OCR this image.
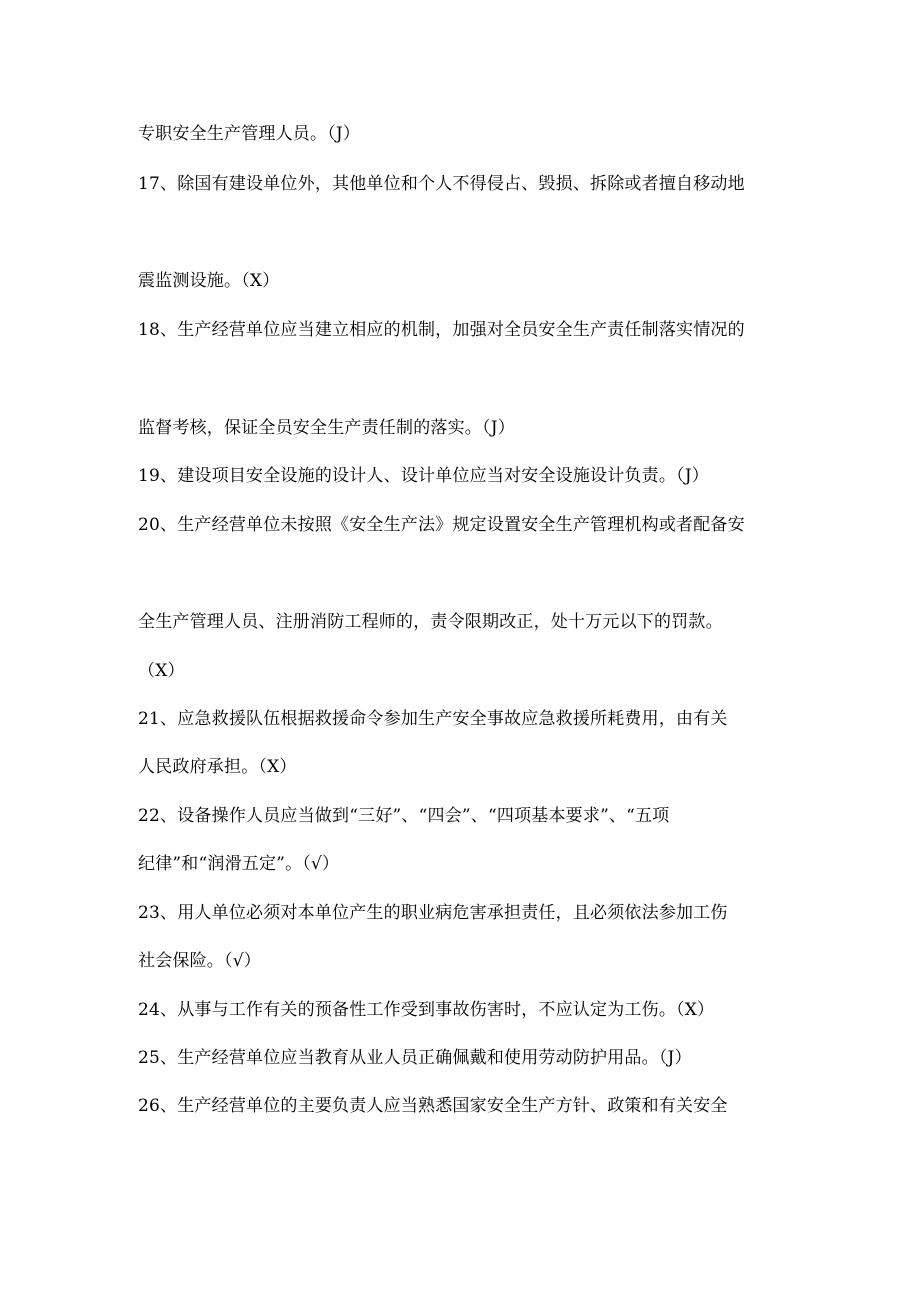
专职安全生产管理人员。（J）
17、除国有建设单位外，其他单位和个人不得侵占、毁损、拆除或者擅自移动地
震监测设施。（X）
18、生产经营单位应当建立相应的机制，加强对全员安全生产责任制落实情况的
监督考核，保证全员安全生产责任制的落实。（J）
19、建设项目安全设施的设计人、设计单位应当对安全设施设计负责。（J）
20、生产经营单位未按照《安全生产法》规定设置安全生产管理机构或者配备安
全生产管理人员、注册消防工程师的，责令限期改正，处十万元以下的罚款。
（X）
21、应急救援队伍根据救援命令参加生产安全事故应急救援所耗费用，由有关
人民政府承担。（X）
22、设备操作人员应当做到“三好”、“四会”、“四项基本要求”、“五项
纪律”和“润滑五定”。（√）
23、用人单位必须对本单位产生的职业病危害承担责任，且必须依法参加工伤
社会保险。（√）
24、从事与工作有关的预备性工作受到事故伤害时，不应认定为工伤。（X）
25、生产经营单位应当教育从业人员正确佩戴和使用劳动防护用品。（J）
26、生产经营单位的主要负责人应当熟悉国家安全生产方针、政策和有关安全
